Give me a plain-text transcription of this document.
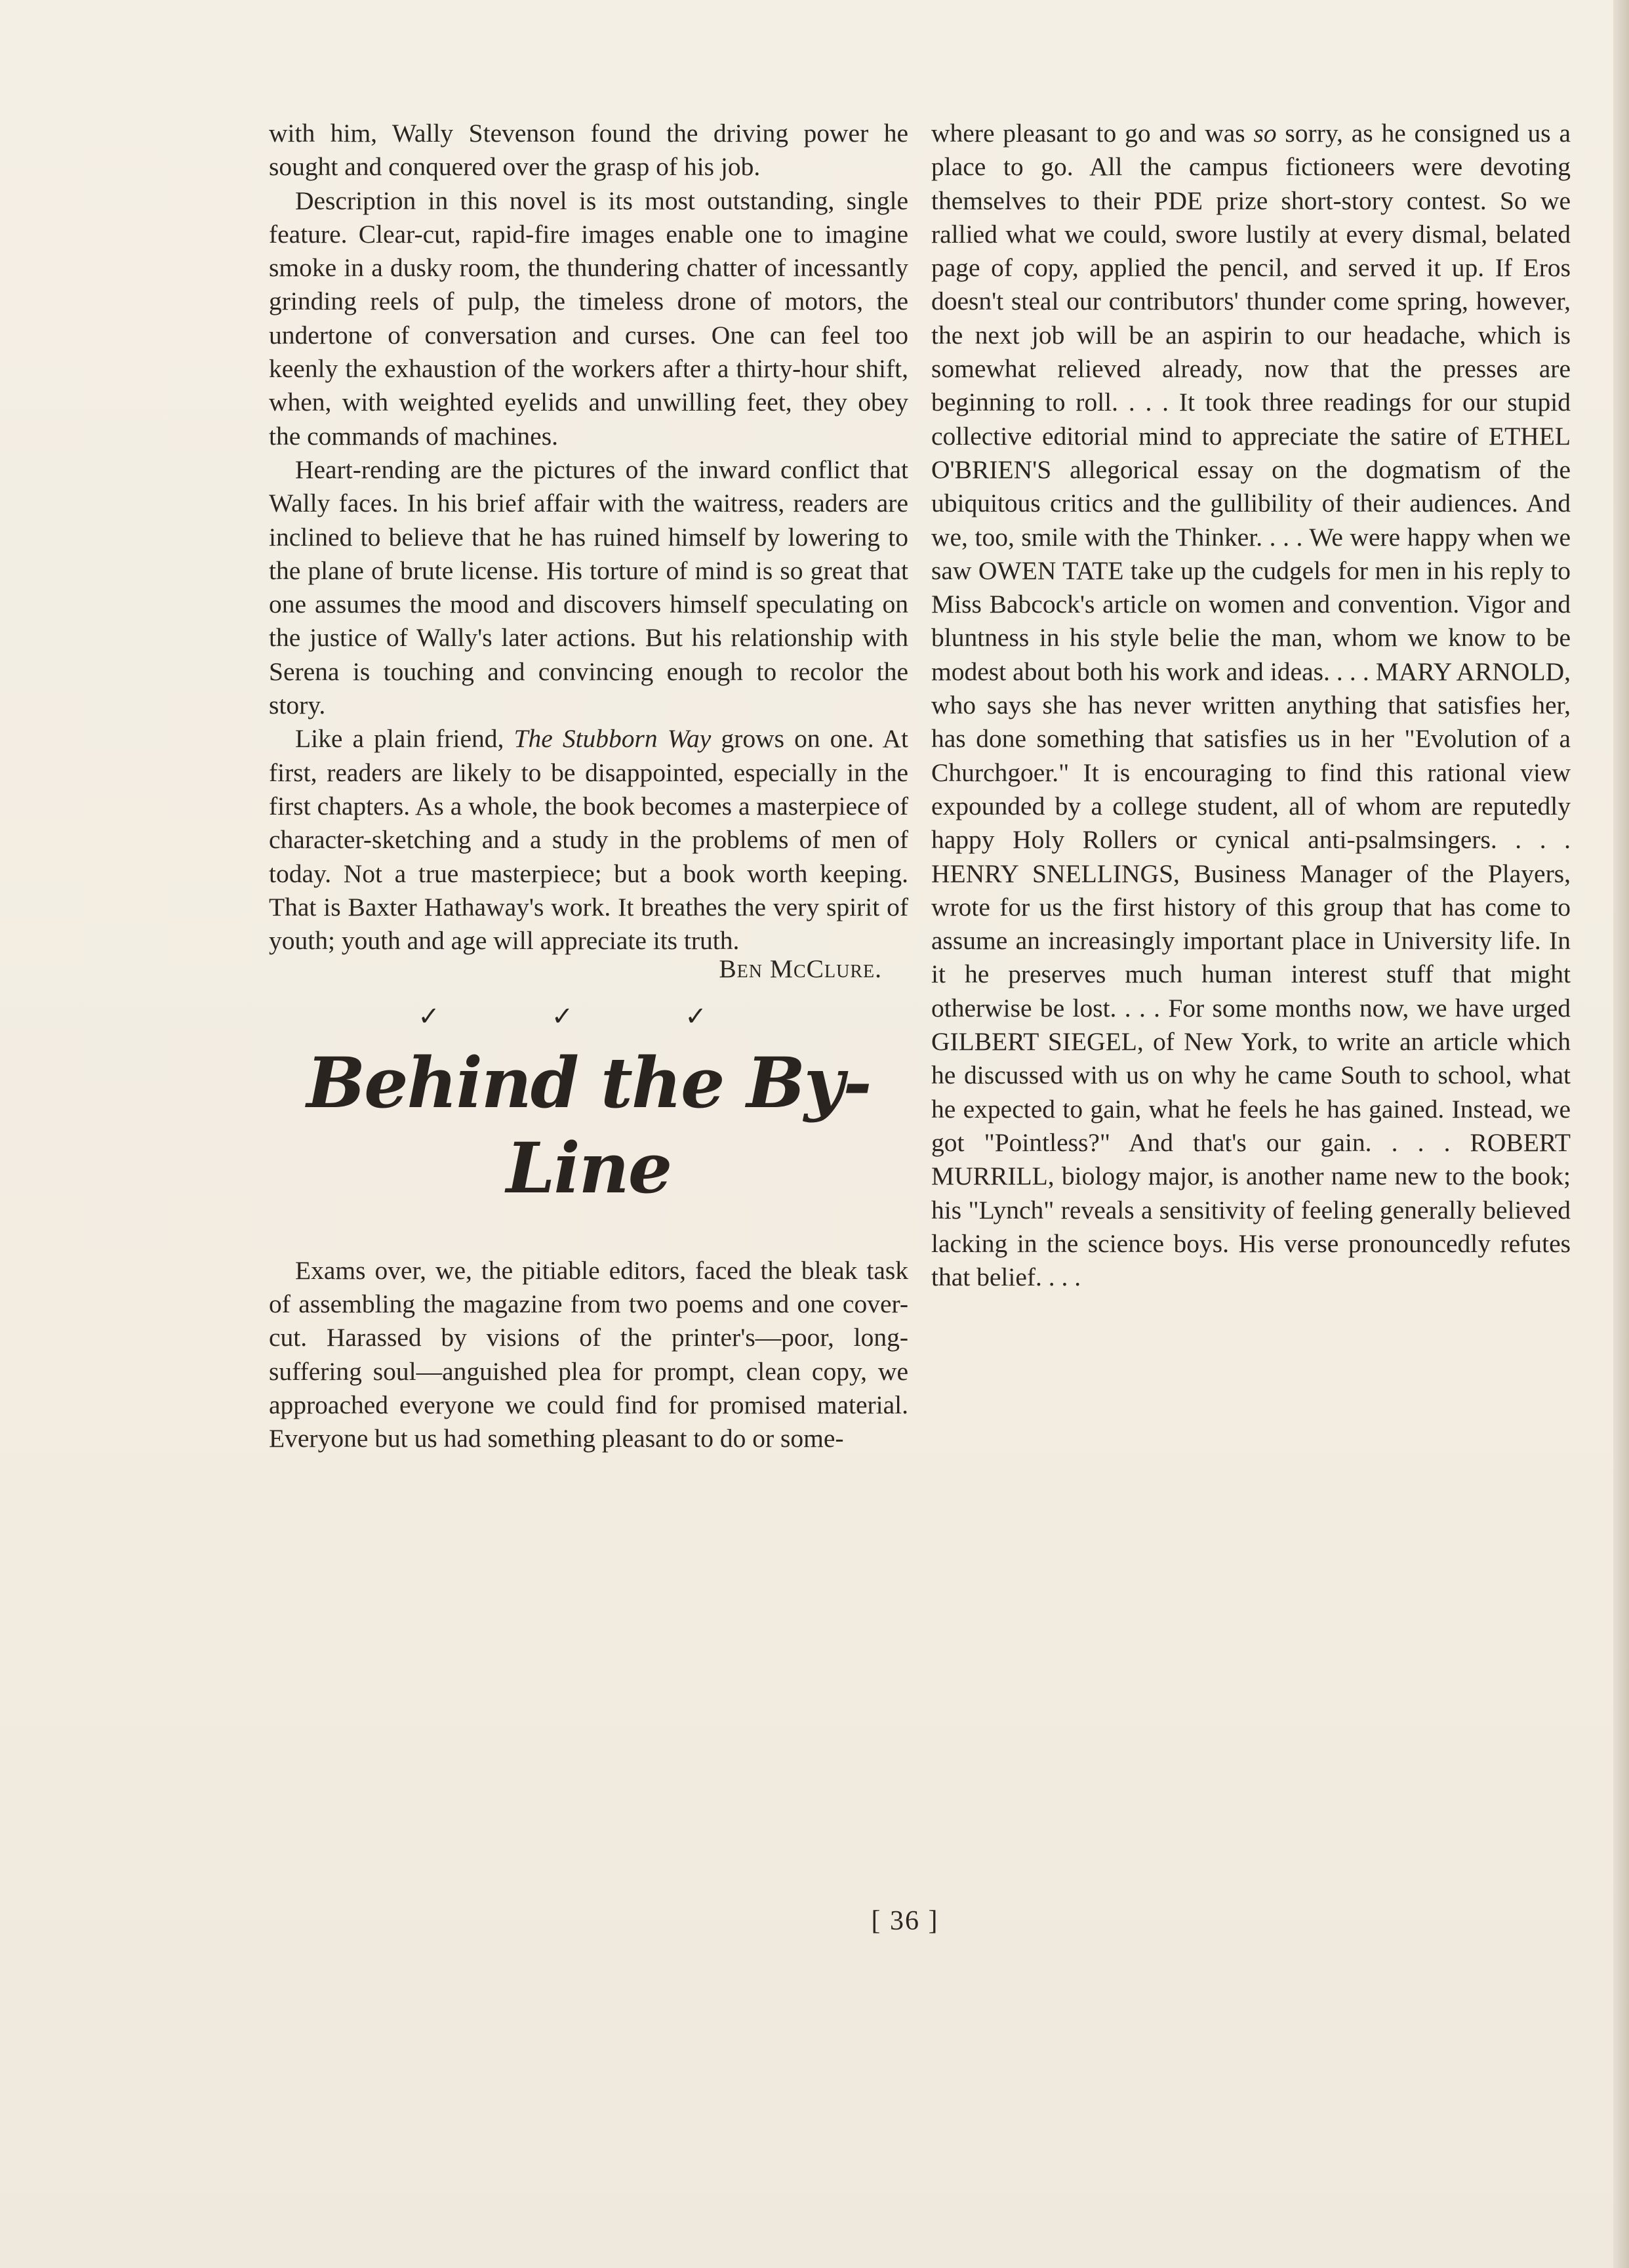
with him, Wally Stevenson found the driving power he sought and conquered over the grasp of his job.

Description in this novel is its most outstanding, single feature. Clear-cut, rapid-fire images enable one to imagine smoke in a dusky room, the thundering chatter of incessantly grinding reels of pulp, the timeless drone of motors, the undertone of conversation and curses. One can feel too keenly the exhaustion of the workers after a thirty-hour shift, when, with weighted eyelids and unwilling feet, they obey the commands of machines.

Heart-rending are the pictures of the inward conflict that Wally faces. In his brief affair with the waitress, readers are inclined to believe that he has ruined himself by lowering to the plane of brute license. His torture of mind is so great that one assumes the mood and discovers himself speculating on the justice of Wally's later actions. But his relationship with Serena is touching and convincing enough to recolor the story.

Like a plain friend, The Stubborn Way grows on one. At first, readers are likely to be disappointed, especially in the first chapters. As a whole, the book becomes a masterpiece of character-sketching and a study in the problems of men of today. Not a true masterpiece; but a book worth keeping. That is Baxter Hathaway's work. It breathes the very spirit of youth; youth and age will appreciate its truth.

Ben McClure.

✓ ✓ ✓

Behind the By-Line

Exams over, we, the pitiable editors, faced the bleak task of assembling the magazine from two poems and one cover-cut. Harassed by visions of the printer's—poor, long-suffering soul—anguished plea for prompt, clean copy, we approached everyone we could find for promised material. Everyone but us had something pleasant to do or some-

where pleasant to go and was so sorry, as he consigned us a place to go. All the campus fictioneers were devoting themselves to their PDE prize short-story contest. So we rallied what we could, swore lustily at every dismal, belated page of copy, applied the pencil, and served it up. If Eros doesn't steal our contributors' thunder come spring, however, the next job will be an aspirin to our headache, which is somewhat relieved already, now that the presses are beginning to roll. . . . It took three readings for our stupid collective editorial mind to appreciate the satire of ETHEL O'BRIEN'S allegorical essay on the dogmatism of the ubiquitous critics and the gullibility of their audiences. And we, too, smile with the Thinker. . . . We were happy when we saw OWEN TATE take up the cudgels for men in his reply to Miss Babcock's article on women and convention. Vigor and bluntness in his style belie the man, whom we know to be modest about both his work and ideas. . . . MARY ARNOLD, who says she has never written anything that satisfies her, has done something that satisfies us in her "Evolution of a Churchgoer." It is encouraging to find this rational view expounded by a college student, all of whom are reputedly happy Holy Rollers or cynical anti-psalmsingers. . . . HENRY SNELLINGS, Business Manager of the Players, wrote for us the first history of this group that has come to assume an increasingly important place in University life. In it he preserves much human interest stuff that might otherwise be lost. . . . For some months now, we have urged GILBERT SIEGEL, of New York, to write an article which he discussed with us on why he came South to school, what he expected to gain, what he feels he has gained. Instead, we got "Pointless?" And that's our gain. . . . ROBERT MURRILL, biology major, is another name new to the book; his "Lynch" reveals a sensitivity of feeling generally believed lacking in the science boys. His verse pronouncedly refutes that belief. . . .

[ 36 ]
